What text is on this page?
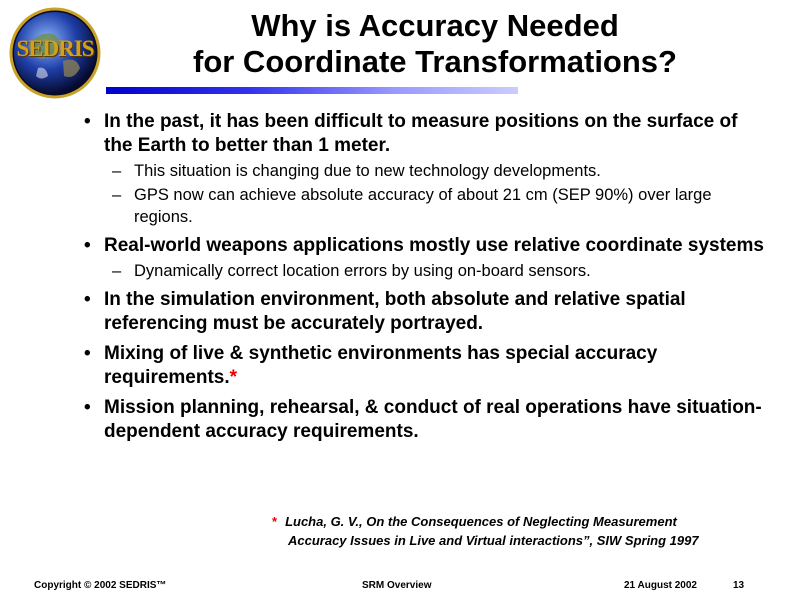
SEDRIS
Why is Accuracy Needed
for Coordinate Transformations?
• In the past, it has been difficult to measure positions on the surface of the Earth to better than 1 meter.
– This situation is changing due to new technology developments.
– GPS now can achieve absolute accuracy of about 21 cm (SEP 90%) over large regions.
• Real-world weapons applications mostly use relative coordinate systems
– Dynamically correct location errors by using on-board sensors.
• In the simulation environment, both absolute and relative spatial referencing must be accurately portrayed.
• Mixing of live & synthetic environments has special accuracy requirements.*
• Mission planning, rehearsal, & conduct of real operations have situation-dependent accuracy requirements.
* Lucha, G. V., On the Consequences of Neglecting Measurement
Accuracy Issues in Live and Virtual interactions”, SIW Spring 1997
Copyright © 2002 SEDRIS™	SRM Overview	21 August 2002	13
